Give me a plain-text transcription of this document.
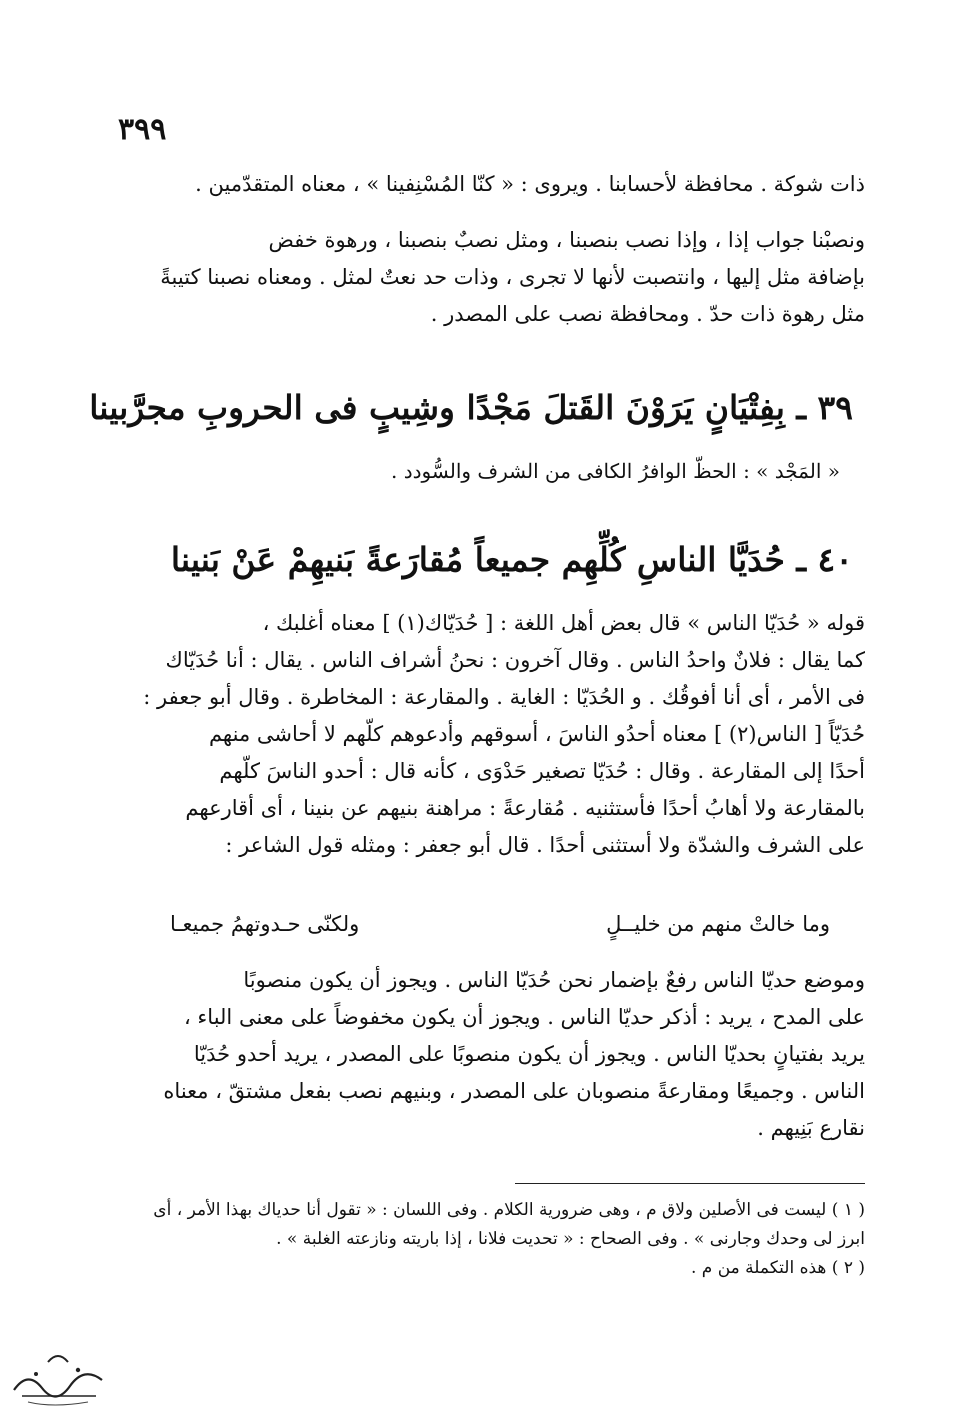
٣٩٩
ذات شوكة . محافظة لأحسابنا . ويروى : « كنّا المُسْنِفينا » ، معناه المتقدّمين .
ونصبْنا جواب إذا ، وإذا نصب بنصبنا ، ومثل نصبٌ بنصبنا ، ورهوة خفض
بإضافة مثل إليها ، وانتصبت لأنها لا تجرى ، وذات حد نعتٌ لمثل . ومعناه نصبنا كتيبةً
مثل رهوة ذات حدّ . ومحافظة نصب على المصدر .
٣٩ ـ بِفِتْيَانٍ يَرَوْنَ القَتلَ مَجْدًا وشِيبٍ فى الحروبِ مجرَّبينا
« المَجْد » : الحظّ الوافرُ الكافى من الشرف والسُّودد .
٤٠ ـ حُدَيَّا الناسِ كُلِّهِم جميعاً مُقارَعةً بَنيهِمْ عَنْ بَنينا
قوله « حُدَيّا الناس » قال بعض أهل اللغة : [ حُدَيّاك(١) ] معناه أغلبك ،
كما يقال : فلانٌ واحدُ الناس . وقال آخرون : نحنُ أشراف الناس . يقال : أنا حُدَيّاك
فى الأمر ، أى أنا أفوقُك . و الحُدَيّا : الغاية . والمقارعة : المخاطرة . وقال أبو جعفر :
حُدَيّاً [ الناس(٢) ] معناه أحدُو الناسَ ، أسوقهم وأدعوهم كلّهم لا أحاشى منهم
أحدًا إلى المقارعة . وقال : حُدَيّا تصغير حَدْوَى ، كأنه قال : أحدو الناسَ كلّهم
بالمقارعة ولا أهابُ أحدًا فأستثنيه . مُقارعةً : مراهنة بنيهم عن بنينا ، أى أقارعهم
على الشرف والشدّة ولا أستثنى أحدًا . قال أبو جعفر : ومثله قول الشاعر :
وما خالتْ منهم من خليــلٍ
ولكنّى حـدوتهمُ جميعـا
وموضع حديّا الناس رفعٌ بإضمار نحن حُدَيّا الناس . ويجوز أن يكون منصوبًا
على المدح ، يريد : أذكر حديّا الناس . ويجوز أن يكون مخفوضاً على معنى الباء ،
يريد بفتيانٍ بحديّا الناس . ويجوز أن يكون منصوبًا على المصدر ، يريد أحدو حُدَيّا
الناس . وجميعًا ومقارعةً منصوبان على المصدر ، وبنيهم نصب بفعل مشتقّ ، معناه
نقارع بَنِيهم .
( ١ ) ليست فى الأصلين ولاق م ، وهى ضرورية الكلام . وفى اللسان : « تقول أنا حدياك بهذا الأمر ، أى
ابرز لى وحدك وجارنى » . وفى الصحاح : « تحديت فلانا ، إذا باريته ونازعته الغلبة » .
( ٢ ) هذه التكملة من م .
